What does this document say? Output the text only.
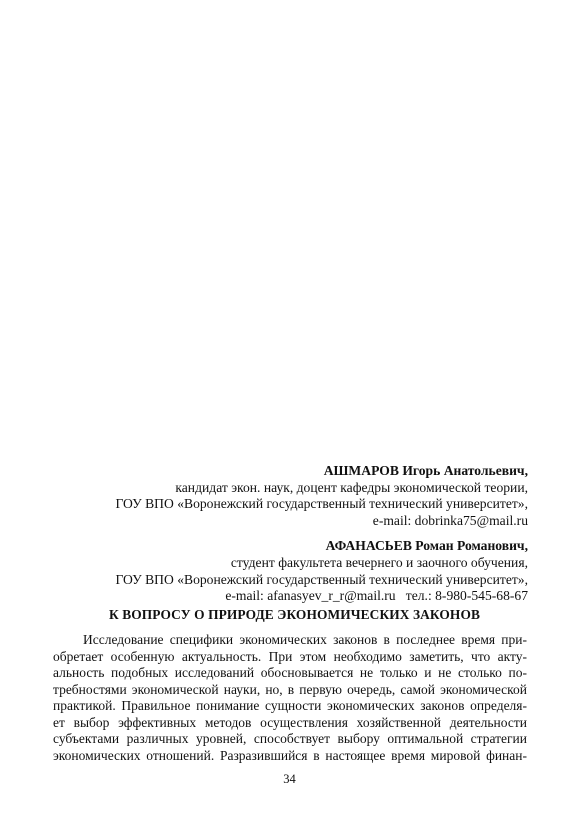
АШМАРОВ Игорь Анатольевич,
кандидат экон. наук, доцент кафедры экономической теории,
ГОУ ВПО «Воронежский государственный технический университет»,
e-mail: dobrinka75@mail.ru
АФАНАСЬЕВ Роман Романович,
студент факультета вечернего и заочного обучения,
ГОУ ВПО «Воронежский государственный технический университет»,
e-mail: afanasyev_r_r@mail.ru   тел.: 8-980-545-68-67
К ВОПРОСУ О ПРИРОДЕ ЭКОНОМИЧЕСКИХ ЗАКОНОВ
Исследование специфики экономических законов в последнее время при-
обретает особенную актуальность. При этом необходимо заметить, что акту-
альность подобных исследований обосновывается не только и не столько по-
требностями экономической науки, но, в первую очередь, самой экономической
практикой. Правильное понимание сущности экономических законов определя-
ет выбор эффективных методов осуществления хозяйственной деятельности
субъектами различных уровней, способствует выбору оптимальной стратегии
экономических отношений. Разразившийся в настоящее время мировой финан-
34
